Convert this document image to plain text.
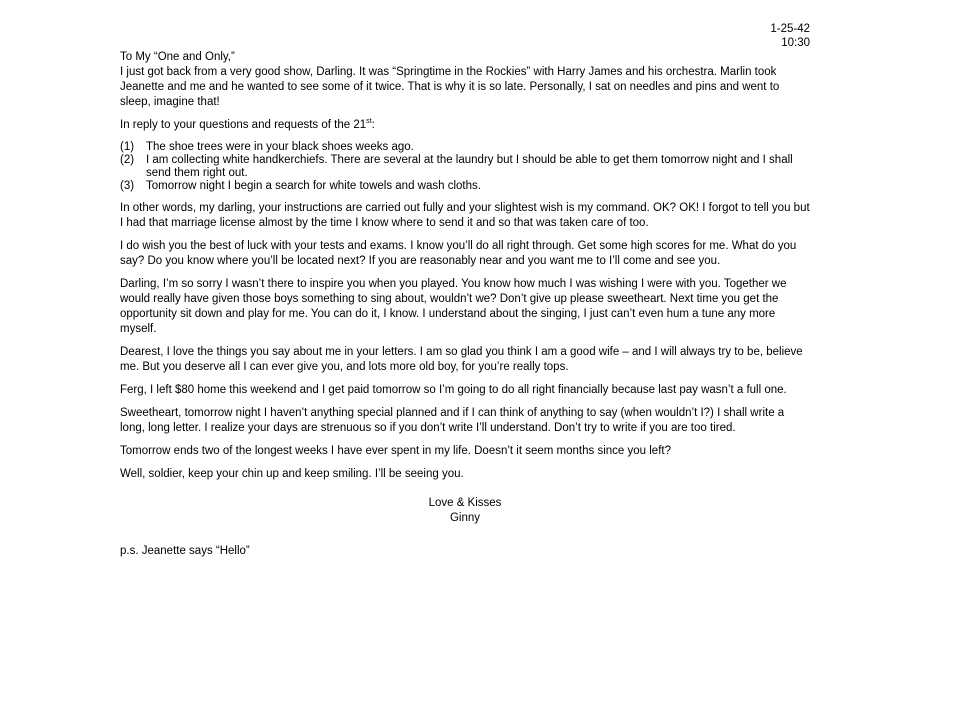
1-25-42
10:30

To My “One and Only,”

I just got back from a very good show, Darling. It was “Springtime in the Rockies” with Harry James and his orchestra. Marlin took Jeanette and me and he wanted to see some of it twice. That is why it is so late. Personally, I sat on needles and pins and went to sleep, imagine that!

In reply to your questions and requests of the 21st:

(1)	The shoe trees were in your black shoes weeks ago.
(2)	I am collecting white handkerchiefs. There are several at the laundry but I should be able to get them tomorrow night and I shall send them right out.
(3)	Tomorrow night I begin a search for white towels and wash cloths.

In other words, my darling, your instructions are carried out fully and your slightest wish is my command. OK? OK! I forgot to tell you but I had that marriage license almost by the time I know where to send it and so that was taken care of too.

I do wish you the best of luck with your tests and exams. I know you’ll do all right through. Get some high scores for me. What do you say? Do you know where you’ll be located next? If you are reasonably near and you want me to I’ll come and see you.

Darling, I’m so sorry I wasn’t there to inspire you when you played. You know how much I was wishing I were with you. Together we would really have given those boys something to sing about, wouldn’t we? Don’t give up please sweetheart. Next time you get the opportunity sit down and play for me. You can do it, I know. I understand about the singing, I just can’t even hum a tune any more myself.

Dearest, I love the things you say about me in your letters. I am so glad you think I am a good wife – and I will always try to be, believe me. But you deserve all I can ever give you, and lots more old boy, for you’re really tops.

Ferg, I left $80 home this weekend and I get paid tomorrow so I’m going to do all right financially because last pay wasn’t a full one.

Sweetheart, tomorrow night I haven’t anything special planned and if I can think of anything to say (when wouldn’t I?) I shall write a long, long letter. I realize your days are strenuous so if you don’t write I’ll understand. Don’t try to write if you are too tired.

Tomorrow ends two of the longest weeks I have ever spent in my life. Doesn’t it seem months since you left?

Well, soldier, keep your chin up and keep smiling. I’ll be seeing you.

Love & Kisses
Ginny

p.s. Jeanette says “Hello”
